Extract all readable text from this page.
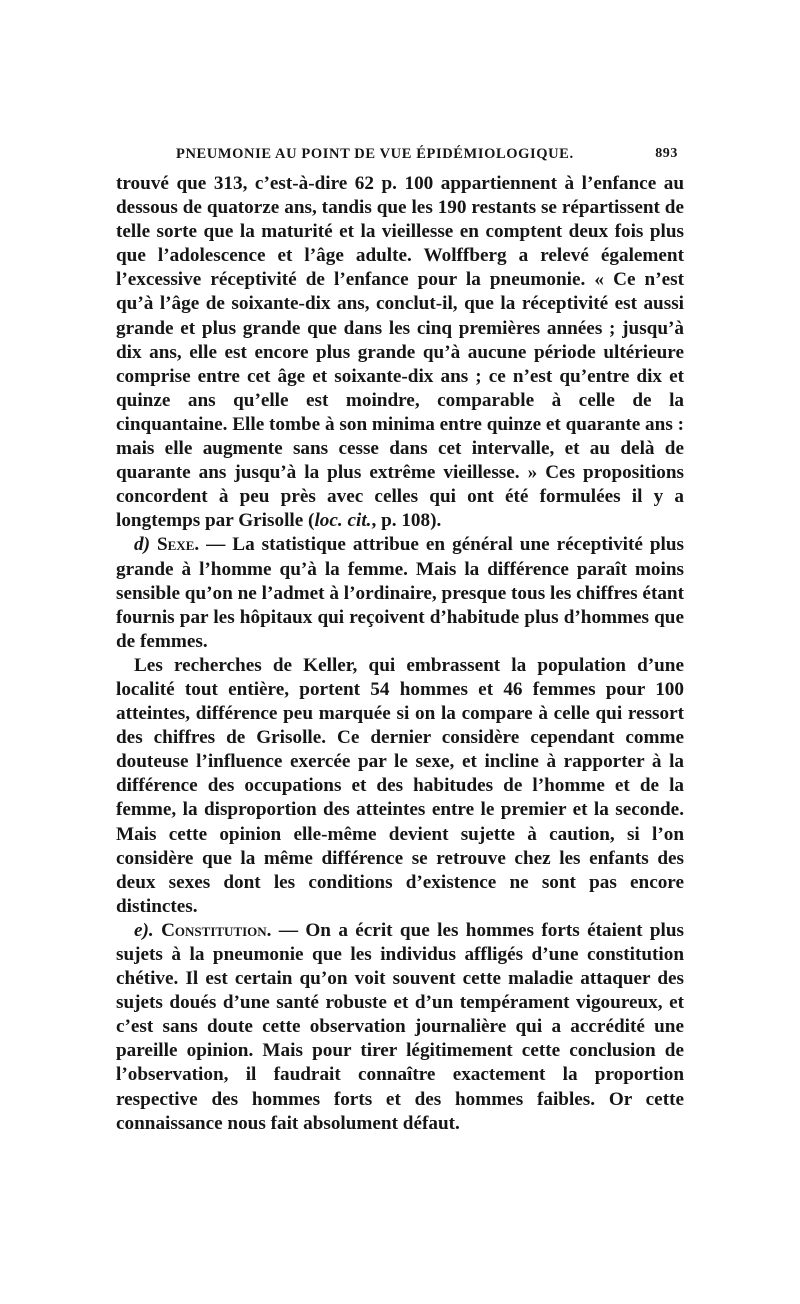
PNEUMONIE AU POINT DE VUE ÉPIDÉMIOLOGIQUE.	893

trouvé que 313, c’est-à-dire 62 p. 100 appartiennent à l’enfance au dessous de quatorze ans, tandis que les 190 restants se répartissent de telle sorte que la maturité et la vieillesse en comptent deux fois plus que l’adolescence et l’âge adulte. Wolffberg a relevé également l’excessive réceptivité de l’enfance pour la pneumonie. « Ce n’est qu’à l’âge de soixante-dix ans, conclut-il, que la réceptivité est aussi grande et plus grande que dans les cinq premières années ; jusqu’à dix ans, elle est encore plus grande qu’à aucune période ultérieure comprise entre cet âge et soixante-dix ans ; ce n’est qu’entre dix et quinze ans qu’elle est moindre, comparable à celle de la cinquantaine. Elle tombe à son minima entre quinze et quarante ans : mais elle augmente sans cesse dans cet intervalle, et au delà de quarante ans jusqu’à la plus extrême vieillesse. » Ces propositions concordent à peu près avec celles qui ont été formulées il y a longtemps par Grisolle (loc. cit., p. 108).

d) Sexe. — La statistique attribue en général une réceptivité plus grande à l’homme qu’à la femme. Mais la différence paraît moins sensible qu’on ne l’admet à l’ordinaire, presque tous les chiffres étant fournis par les hôpitaux qui reçoivent d’habitude plus d’hommes que de femmes.

Les recherches de Keller, qui embrassent la population d’une localité tout entière, portent 54 hommes et 46 femmes pour 100 atteintes, différence peu marquée si on la compare à celle qui ressort des chiffres de Grisolle. Ce dernier considère cependant comme douteuse l’influence exercée par le sexe, et incline à rapporter à la différence des occupations et des habitudes de l’homme et de la femme, la disproportion des atteintes entre le premier et la seconde. Mais cette opinion elle-même devient sujette à caution, si l’on considère que la même différence se retrouve chez les enfants des deux sexes dont les conditions d’existence ne sont pas encore distinctes.

e). Constitution. — On a écrit que les hommes forts étaient plus sujets à la pneumonie que les individus affligés d’une constitution chétive. Il est certain qu’on voit souvent cette maladie attaquer des sujets doués d’une santé robuste et d’un tempérament vigoureux, et c’est sans doute cette observation journalière qui a accrédité une pareille opinion. Mais pour tirer légitimement cette conclusion de l’observation, il faudrait connaître exactement la proportion respective des hommes forts et des hommes faibles. Or cette connaissance nous fait absolument défaut.
